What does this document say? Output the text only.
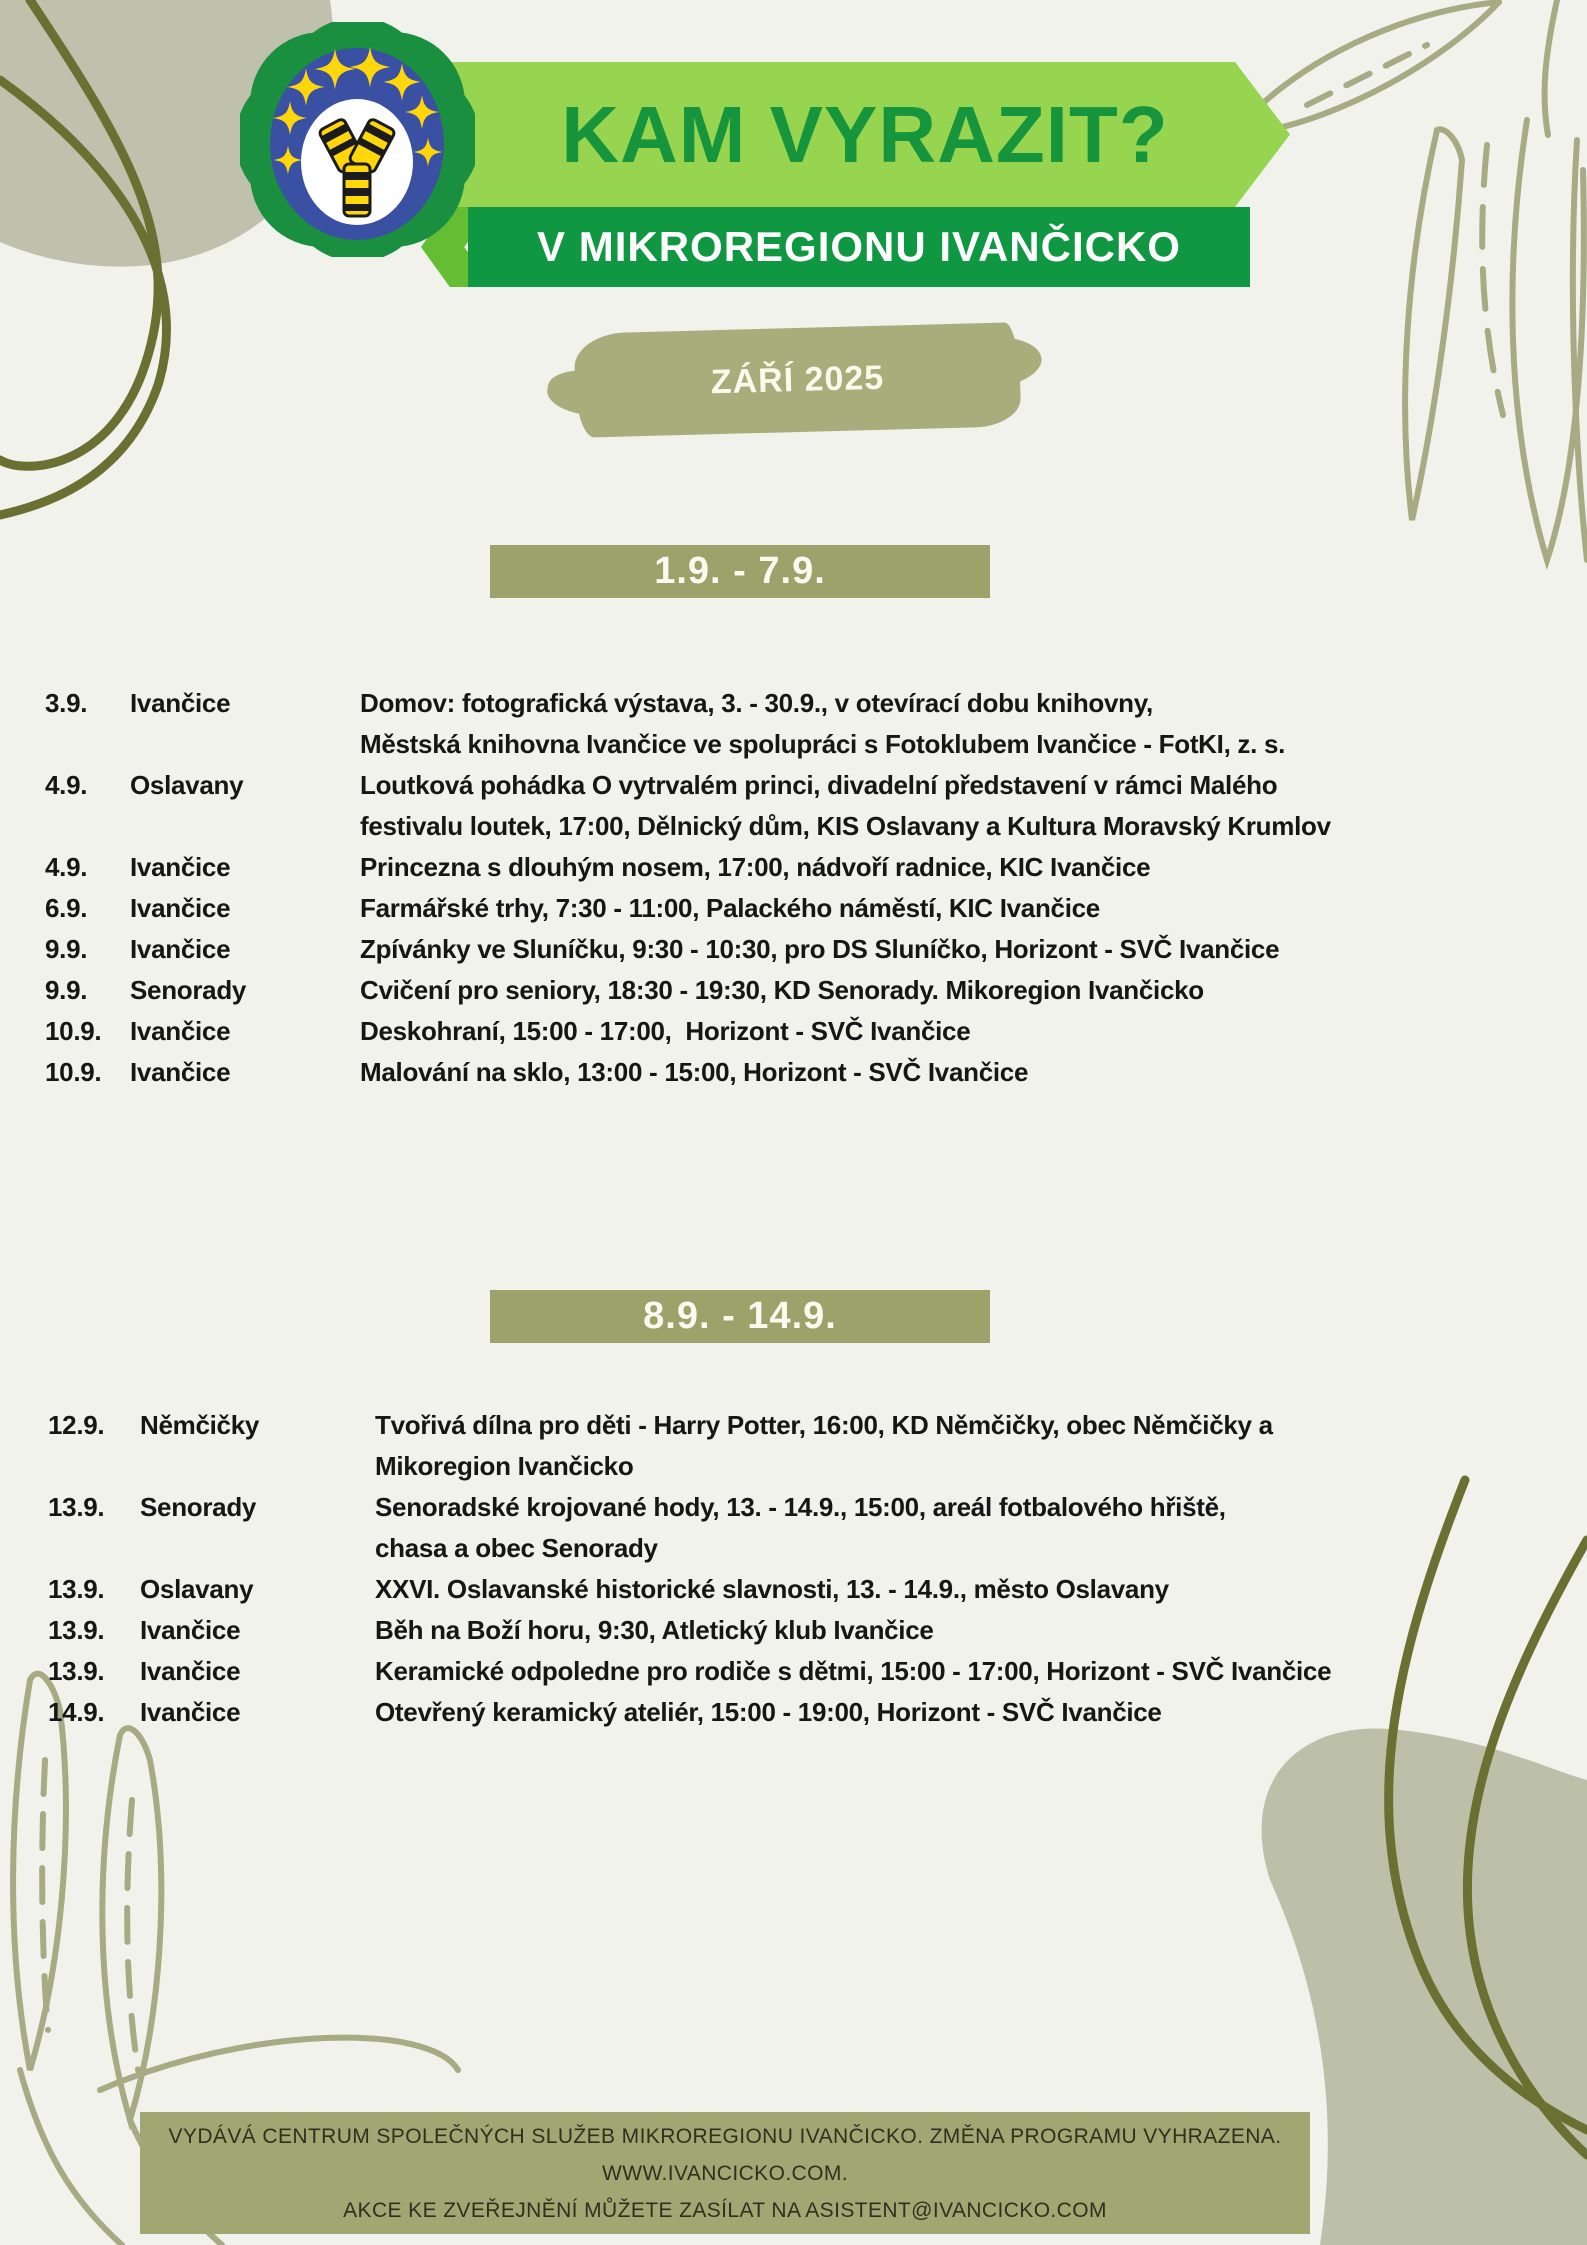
KAM VYRAZIT?
V MIKROREGIONU IVANČICKO
ZÁŘÍ 2025
1.9. - 7.9.
3.9.	Ivančice	Domov: fotografická výstava, 3. - 30.9., v otevírací dobu knihovny,
Městská knihovna Ivančice ve spolupráci s Fotoklubem Ivančice - FotKI, z. s.
4.9.	Oslavany	Loutková pohádka O vytrvalém princi, divadelní představení v rámci Malého
festivalu loutek, 17:00, Dělnický dům, KIS Oslavany a Kultura Moravský Krumlov
4.9.	Ivančice	Princezna s dlouhým nosem, 17:00, nádvoří radnice, KIC Ivančice
6.9.	Ivančice	Farmářské trhy, 7:30 - 11:00, Palackého náměstí, KIC Ivančice
9.9.	Ivančice	Zpívánky ve Sluníčku, 9:30 - 10:30, pro DS Sluníčko, Horizont - SVČ Ivančice
9.9.	Senorady	Cvičení pro seniory, 18:30 - 19:30, KD Senorady. Mikoregion Ivančicko
10.9.	Ivančice	Deskohraní, 15:00 - 17:00,  Horizont - SVČ Ivančice
10.9.	Ivančice	Malování na sklo, 13:00 - 15:00, Horizont - SVČ Ivančice
8.9. - 14.9.
12.9.	Němčičky	Tvořivá dílna pro děti - Harry Potter, 16:00, KD Němčičky, obec Němčičky a
Mikoregion Ivančicko
13.9.	Senorady	Senoradské krojované hody, 13. - 14.9., 15:00, areál fotbalového hřiště,
chasa a obec Senorady
13.9.	Oslavany	XXVI. Oslavanské historické slavnosti, 13. - 14.9., město Oslavany
13.9.	Ivančice	Běh na Boží horu, 9:30, Atletický klub Ivančice
13.9.	Ivančice	Keramické odpoledne pro rodiče s dětmi, 15:00 - 17:00, Horizont - SVČ Ivančice
14.9.	Ivančice	Otevřený keramický ateliér, 15:00 - 19:00, Horizont - SVČ Ivančice
VYDÁVÁ CENTRUM SPOLEČNÝCH SLUŽEB MIKROREGIONU IVANČICKO. ZMĚNA PROGRAMU VYHRAZENA.
WWW.IVANCICKO.COM.
AKCE KE ZVEŘEJNĚNÍ MŮŽETE ZASÍLAT NA ASISTENT@IVANCICKO.COM
